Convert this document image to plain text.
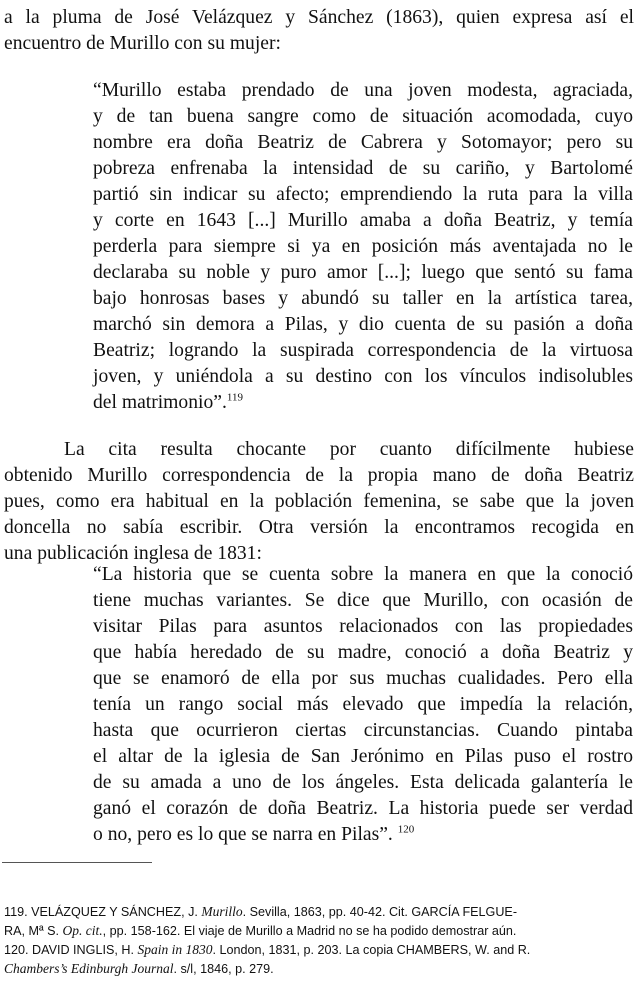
a la pluma de José Velázquez y Sánchez (1863), quien expresa así el
encuentro de Murillo con su mujer:
“Murillo estaba prendado de una joven modesta, agraciada,
y de tan buena sangre como de situación acomodada, cuyo
nombre era doña Beatriz de Cabrera y Sotomayor; pero su
pobreza enfrenaba la intensidad de su cariño, y Bartolomé
partió sin indicar su afecto; emprendiendo la ruta para la villa
y corte en 1643 [...] Murillo amaba a doña Beatriz, y temía
perderla para siempre si ya en posición más aventajada no le
declaraba su noble y puro amor [...]; luego que sentó su fama
bajo honrosas bases y abundó su taller en la artística tarea,
marchó sin demora a Pilas, y dio cuenta de su pasión a doña
Beatriz; logrando la suspirada correspondencia de la virtuosa
joven, y uniéndola a su destino con los vínculos indisolubles
del matrimonio”.$^{119}$
La cita resulta chocante por cuanto difícilmente hubiese
obtenido Murillo correspondencia de la propia mano de doña Beatriz
pues, como era habitual en la población femenina, se sabe que la joven
doncella no sabía escribir. Otra versión la encontramos recogida en
una publicación inglesa de 1831:
“La historia que se cuenta sobre la manera en que la conoció
tiene muchas variantes. Se dice que Murillo, con ocasión de
visitar Pilas para asuntos relacionados con las propiedades
que había heredado de su madre, conoció a doña Beatriz y
que se enamoró de ella por sus muchas cualidades. Pero ella
tenía un rango social más elevado que impedía la relación,
hasta que ocurrieron ciertas circunstancias. Cuando pintaba
el altar de la iglesia de San Jerónimo en Pilas puso el rostro
de su amada a uno de los ángeles. Esta delicada galantería le
ganó el corazón de doña Beatriz. La historia puede ser verdad
o no, pero es lo que se narra en Pilas”. $^{120}$
119. VELÁZQUEZ Y SÁNCHEZ, J. Murillo. Sevilla, 1863, pp. 40-42. Cit. GARCÍA FELGUE-
RA, Mª S. Op. cit., pp. 158-162. El viaje de Murillo a Madrid no se ha podido demostrar aún.
120. DAVID INGLIS, H. Spain in 1830. London, 1831, p. 203. La copia CHAMBERS, W. and R.
Chambers’s Edinburgh Journal. s/l, 1846, p. 279.
